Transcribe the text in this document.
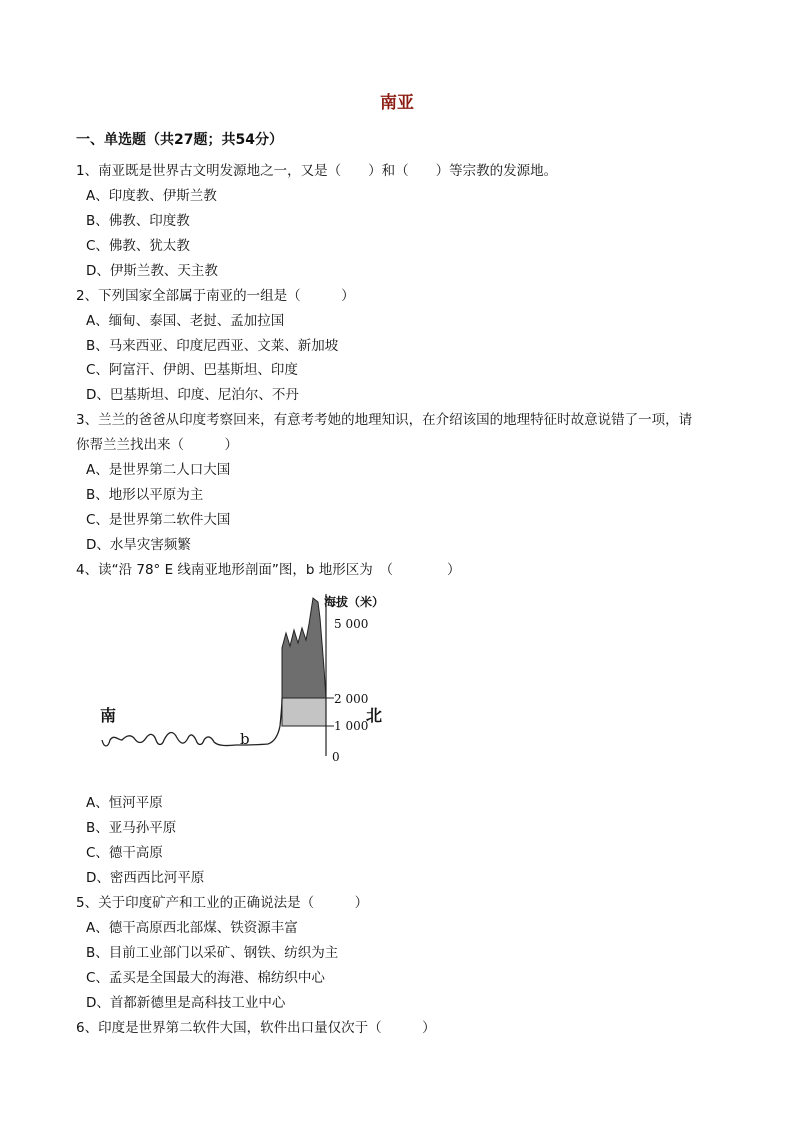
南亚
一、单选题（共27题；共54分）
1、南亚既是世界古文明发源地之一，又是（　　）和（　　）等宗教的发源地。
A、印度教、伊斯兰教
B、佛教、印度教
C、佛教、犹太教
D、伊斯兰教、天主教
2、下列国家全部属于南亚的一组是（　　　）
A、缅甸、泰国、老挝、孟加拉国
B、马来西亚、印度尼西亚、文莱、新加坡
C、阿富汗、伊朗、巴基斯坦、印度
D、巴基斯坦、印度、尼泊尔、不丹
3、兰兰的爸爸从印度考察回来，有意考考她的地理知识，在介绍该国的地理特征时故意说错了一项，请
你帮兰兰找出来（　　　）
A、是世界第二人口大国
B、地形以平原为主
C、是世界第二软件大国
D、水旱灾害频繁
4、读“沿 78° E 线南亚地形剖面”图，b 地形区为　（　　　　）
海拔（米）
5 000
2 000
1 000
0
南	北
b
A、恒河平原
B、亚马孙平原
C、德干高原
D、密西西比河平原
5、关于印度矿产和工业的正确说法是（　　　）
A、德干高原西北部煤、铁资源丰富
B、目前工业部门以采矿、钢铁、纺织为主
C、孟买是全国最大的海港、棉纺织中心
D、首都新德里是高科技工业中心
6、印度是世界第二软件大国，软件出口量仅次于（　　　）
